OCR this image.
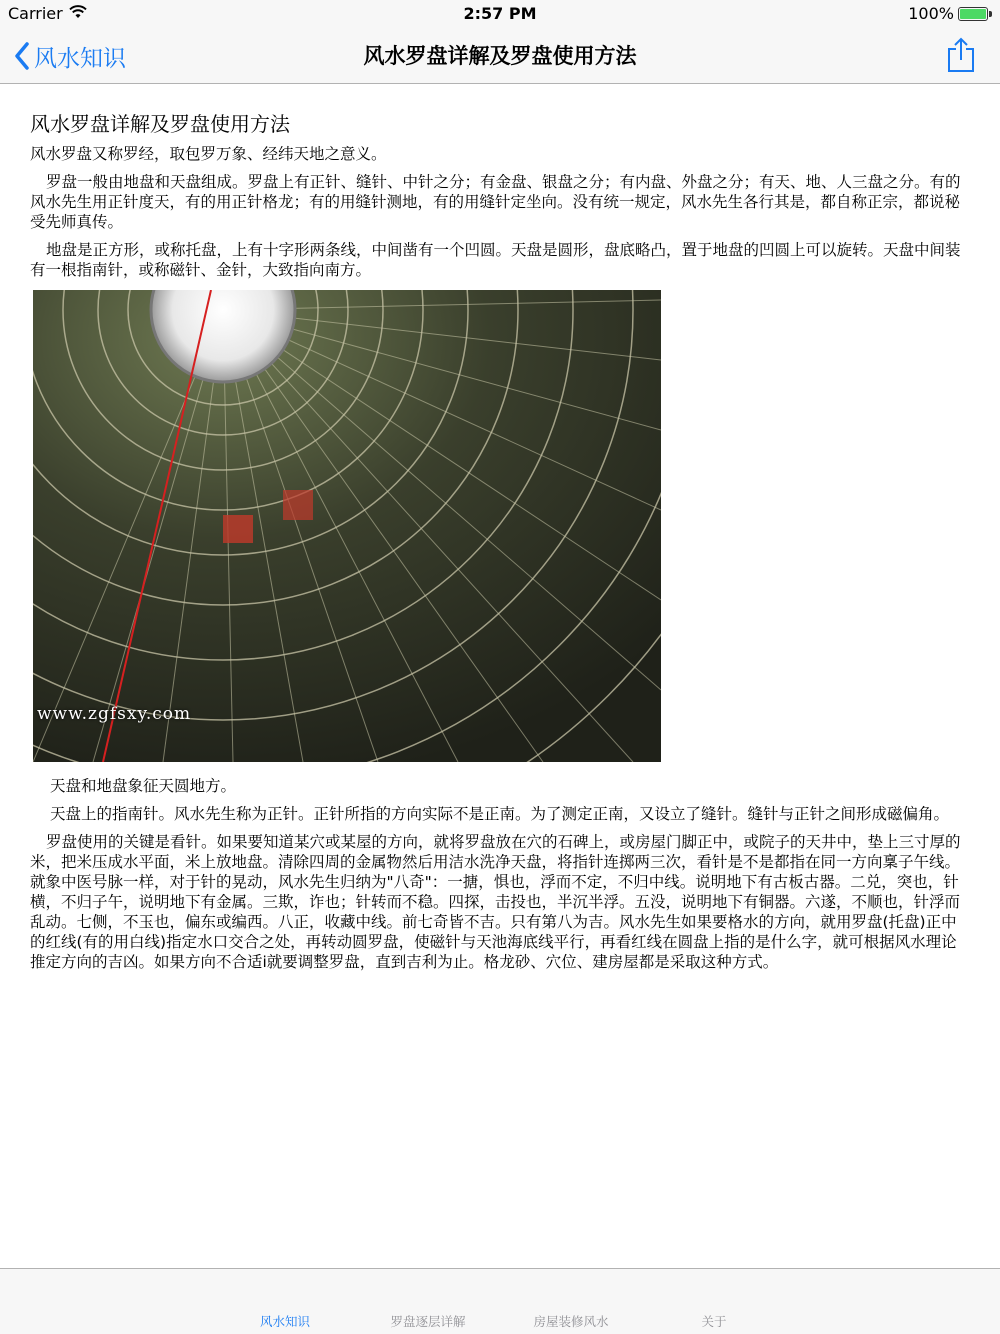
Carrier	2:57 PM	100%
风水知识	风水罗盘详解及罗盘使用方法
风水罗盘详解及罗盘使用方法

风水罗盘又称罗经，取包罗万象、经纬天地之意义。

罗盘一般由地盘和天盘组成。罗盘上有正针、缝针、中针之分；有金盘、银盘之分；有内盘、外盘之分；有天、地、人三盘之分。有的风水先生用正针度天，有的用正针格龙；有的用缝针测地，有的用缝针定坐向。没有统一规定，风水先生各行其是，都自称正宗，都说秘受先师真传。

地盘是正方形，或称托盘，上有十字形两条线，中间凿有一个凹圆。天盘是圆形，盘底略凸，置于地盘的凹圆上可以旋转。天盘中间装有一根指南针，或称磁针、金针，大致指向南方。

www.zgfsxy.com

天盘和地盘象征天圆地方。

天盘上的指南针。风水先生称为正针。正针所指的方向实际不是正南。为了测定正南，又设立了缝针。缝针与正针之间形成磁偏角。

罗盘使用的关键是看针。如果要知道某穴或某屋的方向，就将罗盘放在穴的石碑上，或房屋门脚正中，或院子的天井中，垫上三寸厚的米，把米压成水平面，米上放地盘。清除四周的金属物然后用洁水洗净天盘，将指针连掷两三次，看针是不是都指在同一方向稟子午线。就象中医号脉一样，对于针的晃动，风水先生归纳为"八奇"：一搪，惧也，浮而不定，不归中线。说明地下有古板古器。二兑，突也，针横，不归子午，说明地下有金属。三欺，诈也；针转而不稳。四探，击投也，半沉半浮。五没，说明地下有铜器。六遂，不顺也，针浮而乱动。七侧，不玉也，偏东或编西。八正，收藏中线。前七奇皆不吉。只有第八为吉。风水先生如果要格水的方向，就用罗盘(托盘)正中的红线(有的用白线)指定水口交合之处，再转动圆罗盘，使磁针与天池海底线平行，再看红线在圆盘上指的是什么字，就可根据风水理论推定方向的吉凶。如果方向不合适i就要调整罗盘，直到吉利为止。格龙砂、穴位、建房屋都是采取这种方式。

风水知识	罗盘逐层详解	房屋装修风水	关于
